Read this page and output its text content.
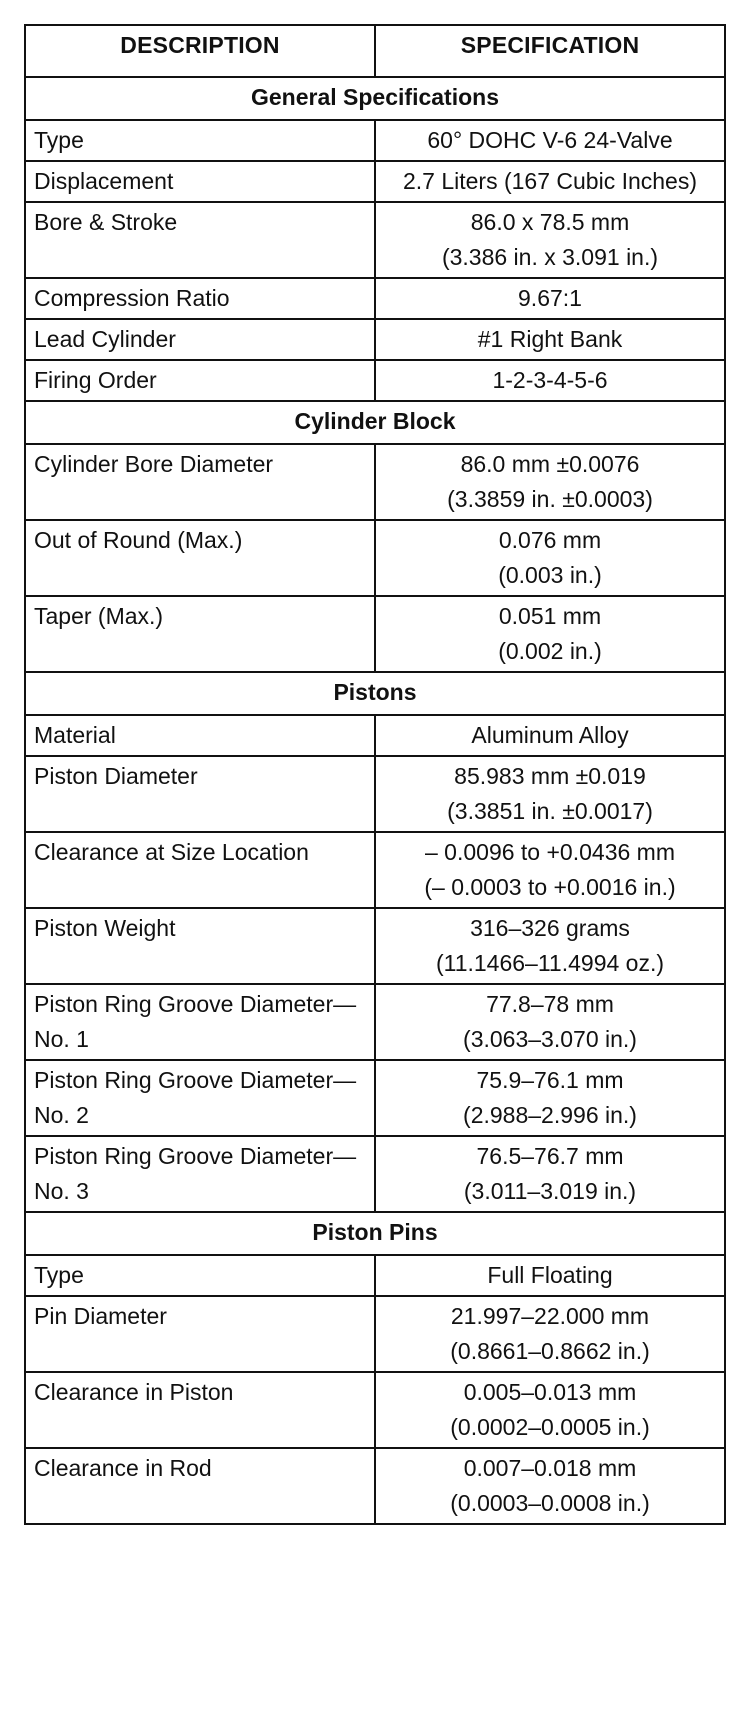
DESCRIPTION	SPECIFICATION
General Specifications	
Type	60° DOHC V-6 24-Valve

Displacement	2.7 Liters (167 Cubic Inches)

Bore & Stroke	86.0 x 78.5 mm
(3.386 in. x 3.091 in.)

Compression Ratio	9.67:1

Lead Cylinder	#1 Right Bank

Firing Order	1-2-3-4-5-6

Cylinder Block	
Cylinder Bore Diameter	86.0 mm ±0.0076
(3.3859 in. ±0.0003)

Out of Round (Max.)	0.076 mm
(0.003 in.)

Taper (Max.)	0.051 mm
(0.002 in.)

Pistons	
Material	Aluminum Alloy

Piston Diameter	85.983 mm ±0.019
(3.3851 in. ±0.0017)

Clearance at Size Location	– 0.0096 to +0.0436 mm
(– 0.0003 to +0.0016 in.)

Piston Weight	316–326 grams
(11.1466–11.4994 oz.)

Piston Ring Groove Diameter—No. 1	77.8–78 mm
(3.063–3.070 in.)

Piston Ring Groove Diameter—No. 2	75.9–76.1 mm
(2.988–2.996 in.)

Piston Ring Groove Diameter—No. 3	76.5–76.7 mm
(3.011–3.019 in.)

Piston Pins	
Type	Full Floating

Pin Diameter	21.997–22.000 mm
(0.8661–0.8662 in.)

Clearance in Piston	0.005–0.013 mm
(0.0002–0.0005 in.)

Clearance in Rod	0.007–0.018 mm
(0.0003–0.0008 in.)
